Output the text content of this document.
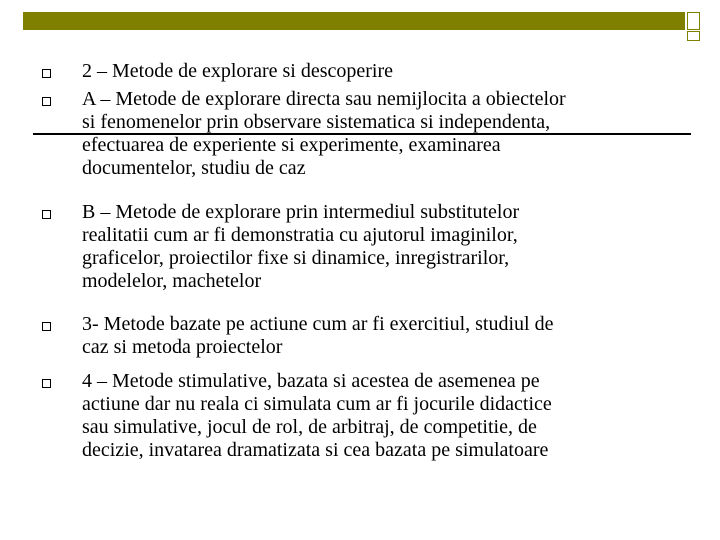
2 – Metode de explorare si descoperire

A – Metode de explorare directa sau nemijlocita a obiectelor
si fenomenelor prin observare sistematica si independenta,
efectuarea de experiente si experimente, examinarea
documentelor, studiu de caz

B – Metode de explorare prin intermediul substitutelor
realitatii cum ar fi demonstratia cu ajutorul imaginilor,
graficelor, proiectilor fixe si dinamice, inregistrarilor,
modelelor, machetelor

3- Metode bazate pe actiune cum ar fi exercitiul, studiul de
caz si metoda proiectelor

4 – Metode stimulative, bazata si acestea de asemenea pe
actiune dar nu reala ci simulata cum ar fi jocurile didactice
sau simulative, jocul de rol, de arbitraj, de competitie, de
decizie, invatarea dramatizata si cea bazata pe simulatoare
